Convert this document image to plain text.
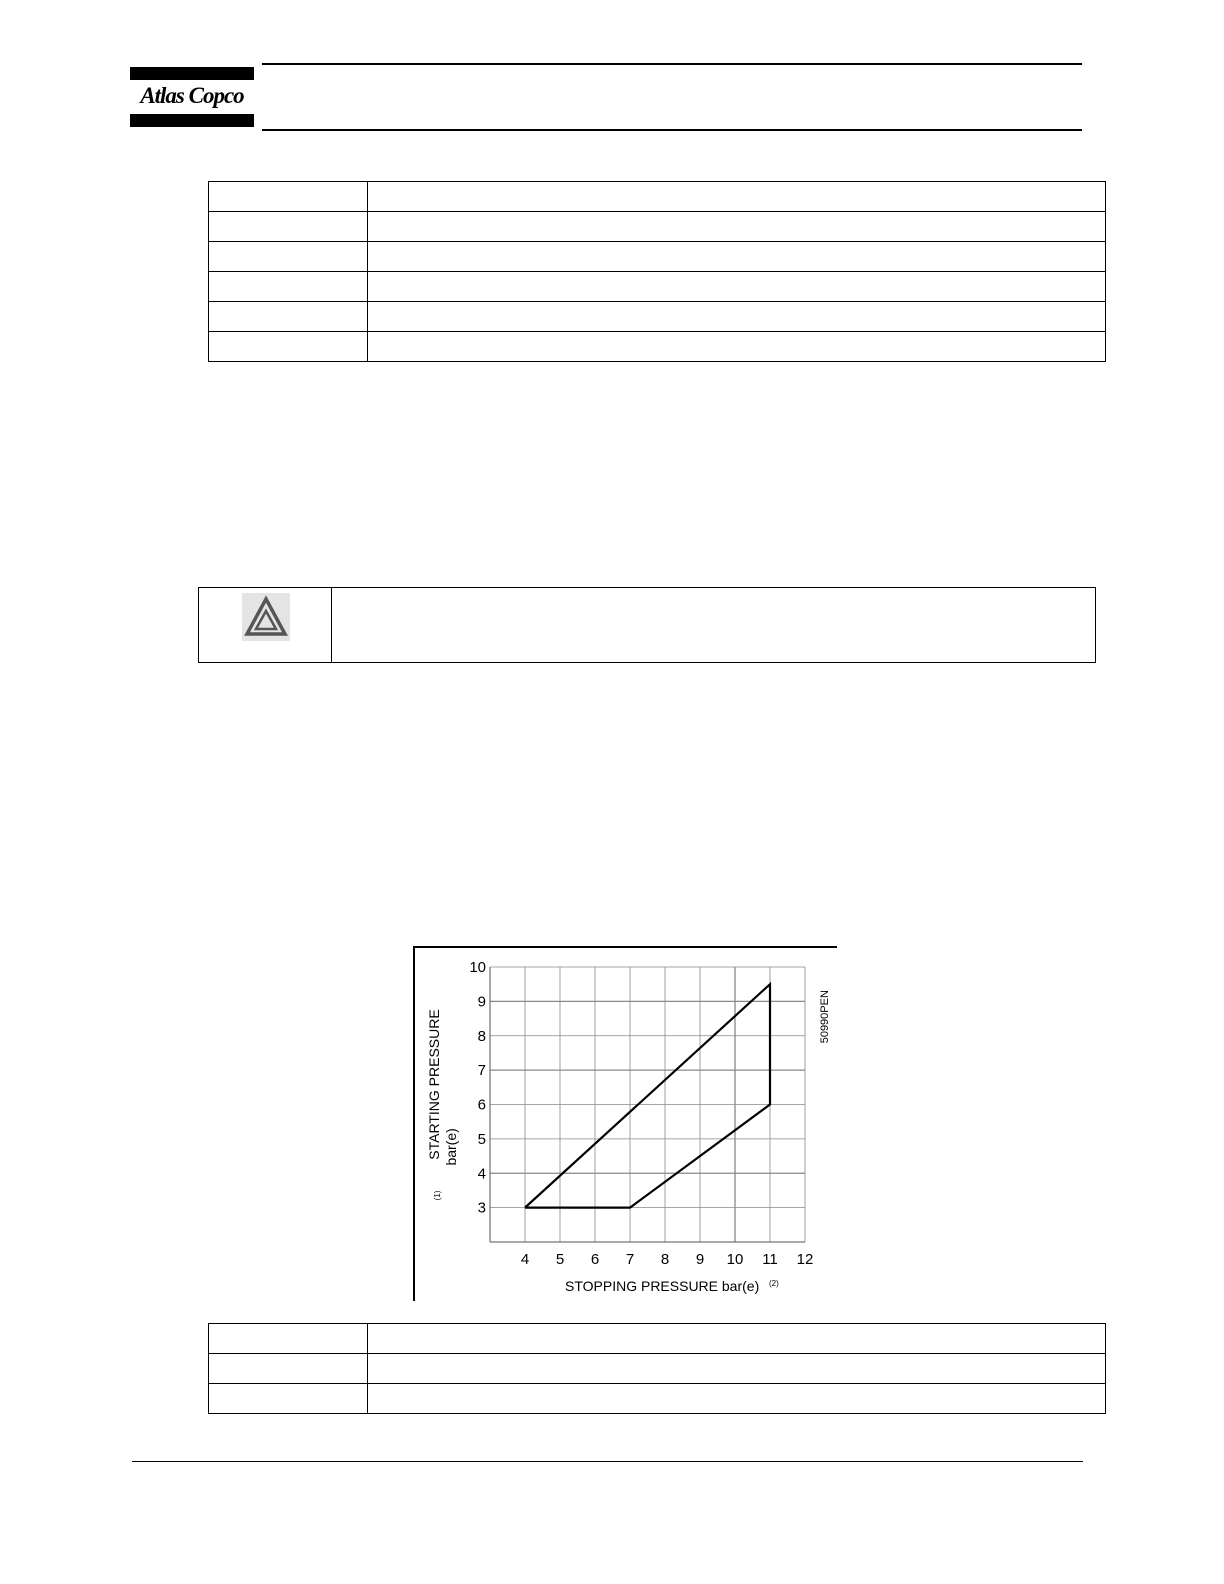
Atlas Copco

4 5 6 7 8 9 10 11 12
3
4
5
6
7
8
9
10
STOPPING PRESSURE bar(e) (2)
STARTING PRESSURE bar(e)
(1)
50990PEN
